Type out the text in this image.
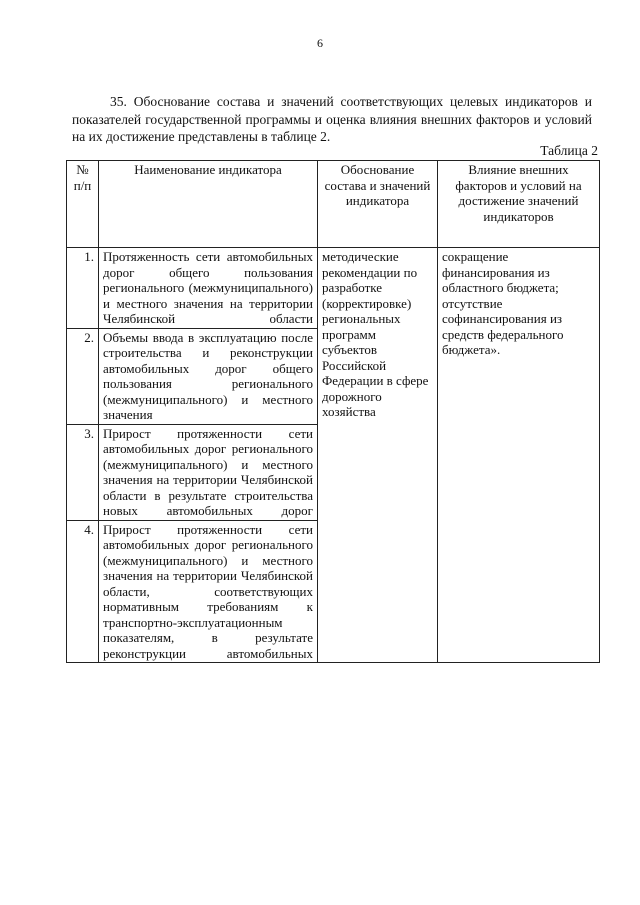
6

35. Обоснование состава и значений соответствующих целевых индикаторов и показателей государственной программы и оценка влияния внешних факторов и условий на их достижение представлены в таблице 2.

Таблица 2
№ п/п	Наименование индикатора	Обоснование состава и значений индикатора	Влияние внешних факторов и условий на достижение значений индикаторов
1.	Протяженность сети автомобильных дорог общего пользования регионального (межмуниципального) и местного значения на территории Челябинской области	методические рекомендации по разработке (корректировке) региональных программ субъектов Российской Федерации в сфере дорожного хозяйства	сокращение финансирования из областного бюджета; отсутствие софинансирования из средств федерального бюджета».
2.	Объемы ввода в эксплуатацию после строительства и реконструкции автомобильных дорог общего пользования регионального (межмуниципального) и местного значения		
3.	Прирост протяженности сети автомобильных дорог регионального (межмуниципального) и местного значения на территории Челябинской области в результате строительства новых автомобильных дорог		
4.	Прирост протяженности сети автомобильных дорог регионального (межмуниципального) и местного значения на территории Челябинской области, соответствующих нормативным требованиям к транспортно-эксплуатационным показателям, в результате реконструкции автомобильных		
